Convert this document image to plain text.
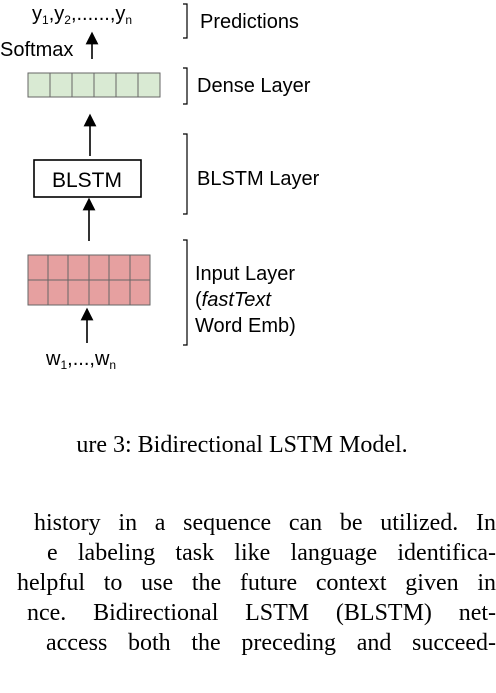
$y_1,y_2,......,y_n$
Softmax
BLSTM
$w_1,...,w_n$
Predictions
Dense Layer
BLSTM Layer
Input Layer
(fastText
Word Emb)
ure 3: Bidirectional LSTM Model.
history in a sequence can be utilized. In
e labeling task like language identifica-
helpful to use the future context given in
nce. Bidirectional LSTM (BLSTM) net-
access both the preceding and succeed-
